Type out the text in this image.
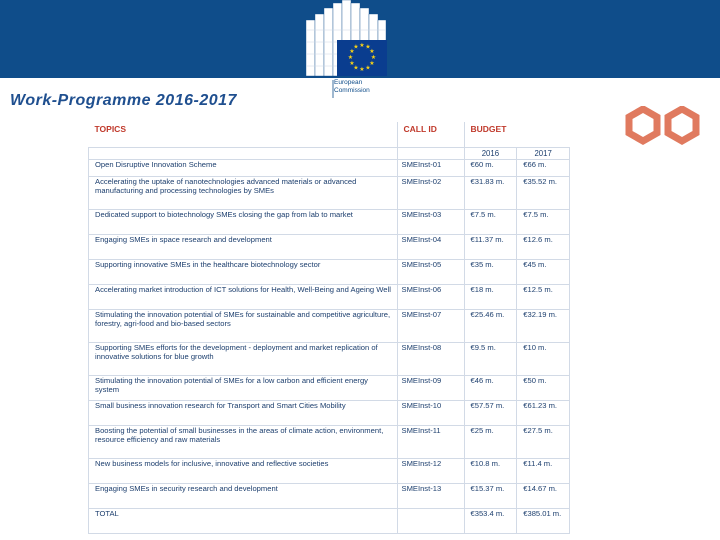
★ ★
★
★
★
★
★
★
★
★
★
★
European
Commission
Work-Programme 2016-2017
TOPICS	CALL ID	BUDGET	
		2016	2017
Open Disruptive Innovation Scheme	SMEInst-01	€60 m.	€66 m.
Accelerating the uptake of nanotechnologies advanced materials or advanced manufacturing and processing technologies by SMEs	SMEInst-02	€31.83 m.	€35.52 m.
Dedicated support to biotechnology SMEs closing the gap from lab to market	SMEInst-03	€7.5 m.	€7.5 m.
Engaging SMEs in space research and development	SMEInst-04	€11.37 m.	€12.6 m.
Supporting innovative SMEs in the healthcare biotechnology sector	SMEInst-05	€35 m.	€45 m.
Accelerating market introduction of ICT solutions for Health, Well-Being and Ageing Well	SMEInst-06	€18 m.	€12.5 m.
Stimulating the innovation potential of SMEs for sustainable and competitive agriculture, forestry, agri-food and bio-based sectors	SMEInst-07	€25.46 m.	€32.19 m.
Supporting SMEs efforts for the development - deployment and market replication of innovative solutions for blue growth	SMEInst-08	€9.5 m.	€10 m.
Stimulating the innovation potential of SMEs for a low carbon and efficient energy system	SMEInst-09	€46 m.	€50 m.
Small business innovation research for Transport and Smart Cities Mobility	SMEInst-10	€57.57 m.	€61.23 m.
Boosting the potential of small businesses in the areas of climate action, environment, resource efficiency and raw materials	SMEInst-11	€25 m.	€27.5 m.
New business models for inclusive, innovative and reflective societies	SMEInst-12	€10.8 m.	€11.4 m.
Engaging SMEs in security research and development	SMEInst-13	€15.37 m.	€14.67 m.
TOTAL		€353.4 m.	€385.01 m.
